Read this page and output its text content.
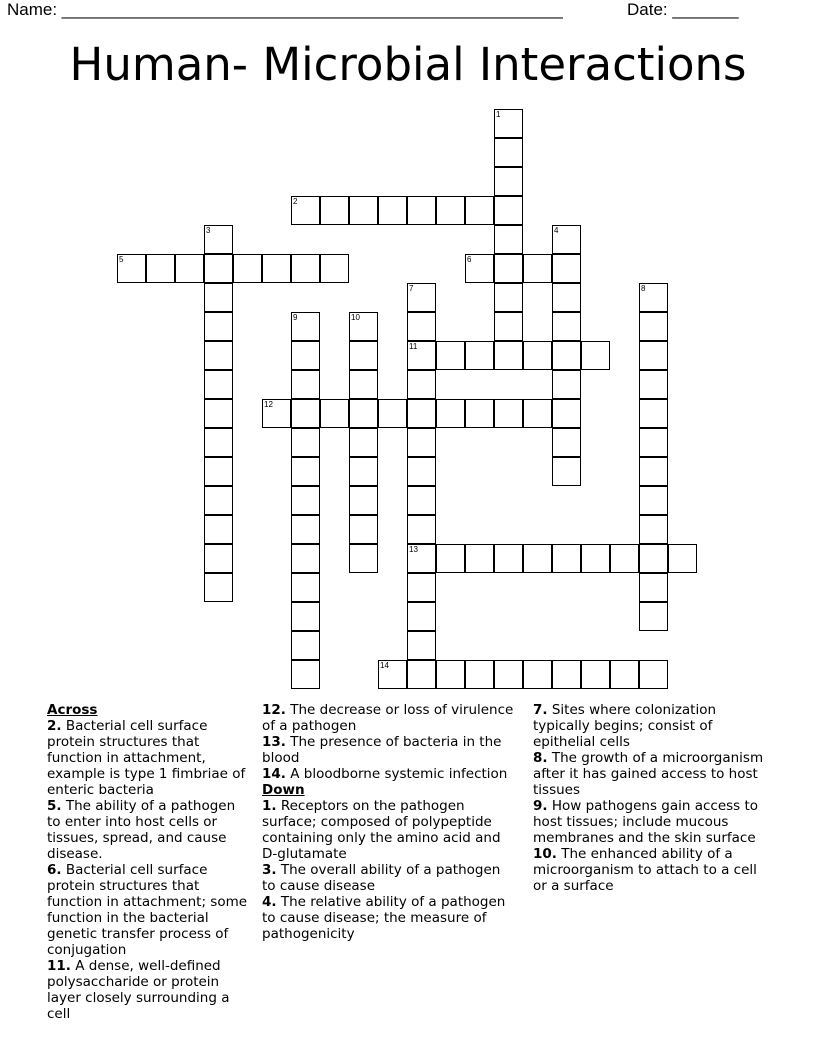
Name: _____________________________________________________	Date: _______
Human- Microbial Interactions
1
2
3	4
5	6
7
11
13
8
9	10
12
14
Across
2. Bacterial cell surface protein structures that function in attachment, example is type 1 fimbriae of enteric bacteria
5. The ability of a pathogen to enter into host cells or tissues, spread, and cause disease.
6. Bacterial cell surface protein structures that function in attachment; some function in the bacterial genetic transfer process of conjugation
11. A dense, well-defined polysaccharide or protein layer closely surrounding a cell
12. The decrease or loss of virulence of a pathogen
13. The presence of bacteria in the blood
14. A bloodborne systemic infection
Down
1. Receptors on the pathogen surface; composed of polypeptide containing only the amino acid and D-glutamate
3. The overall ability of a pathogen to cause disease
4. The relative ability of a pathogen to cause disease; the measure of pathogenicity
7. Sites where colonization typically begins; consist of epithelial cells
8. The growth of a microorganism after it has gained access to host tissues
9. How pathogens gain access to host tissues; include mucous membranes and the skin surface
10. The enhanced ability of a microorganism to attach to a cell or a surface
